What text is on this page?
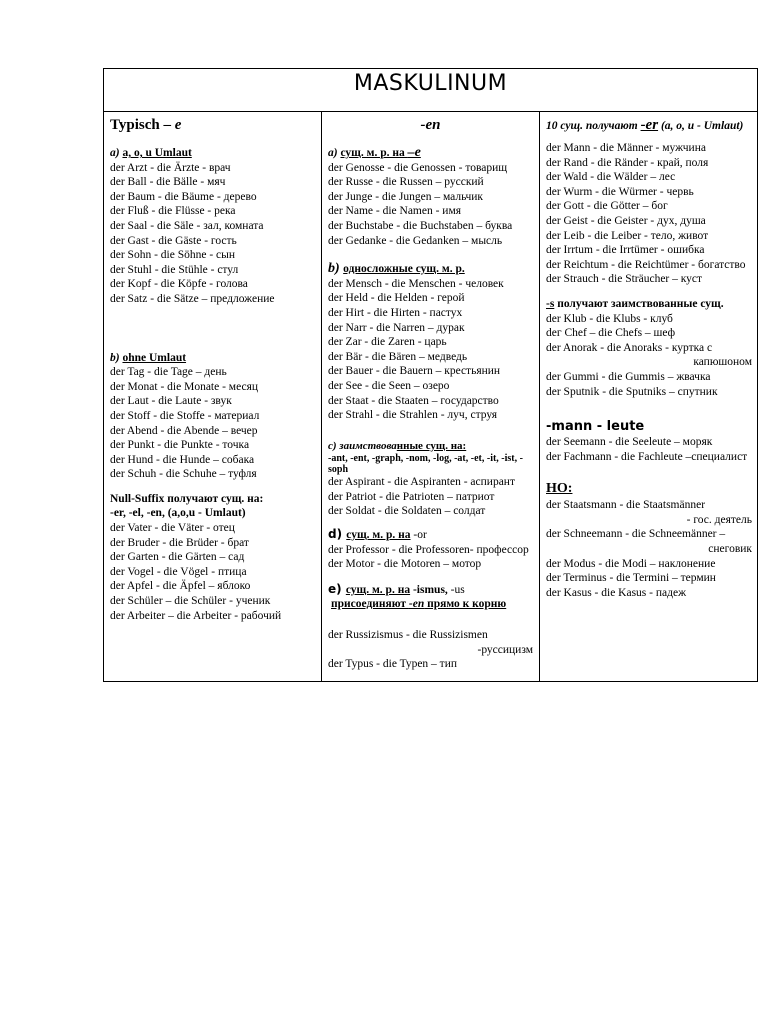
MASKULINUM
Typisch – e
a) a, o, u Umlaut
der Arzt - die Ärzte - врач
der Ball - die Bälle - мяч
der Baum - die Bäume - дерево
der Fluß - die Flüsse - река
der Saal - die Säle - зал, комната
der Gast - die Gäste - гость
der Sohn - die Söhne - сын
der Stuhl - die Stühle - стул
der Kopf - die Köpfe - голова
der Satz - die Sätze – предложение
b) ohne Umlaut
der Tag - die Tage – день
der Monat - die Monate - месяц
der Laut - die Laute - звук
der Stoff - die Stoffe - материал
der Abend - die Abende – вечер
der Punkt - die Punkte - точка
der Hund - die Hunde – собака
der Schuh - die Schuhe – туфля
Null-Suffix получают сущ. на:
-er, -el, -en, (a,o,u - Umlaut)
der Vater - die Väter - отец
der Bruder - die Brüder - брат
der Garten - die Gärten – сад
der Vogel - die Vögel - птица
der Apfel - die Äpfel – яблоко
der Schüler – die Schüler - ученик
der Arbeiter – die Arbeiter - рабочий
-en
a) сущ. м. р. на –e
der Genosse - die Genossen - товарищ
der Russe - die Russen – русский
der Junge - die Jungen – мальчик
der Name - die Namen - имя
der Buchstabe - die Buchstaben – буква
der Gedanke - die Gedanken – мысль
b) односложные сущ. м. р.
der Mensch - die Menschen - человек
der Held - die Helden - герой
der Hirt - die Hirten - пастух
der Narr - die Narren – дурак
der Zar - die Zaren - царь
der Bär - die Bären – медведь
der Bauer - die Bauern – крестьянин
der See - die Seen – озеро
der Staat - die Staaten – государство
der Strahl - die Strahlen - луч, струя
c) заимствованные сущ. на:
-ant, -ent, -graph, -nom, -log, -at, -et, -it, -ist, -soph
der Aspirant - die Aspiranten - аспирант
der Patriot - die Patrioten – патриот
der Soldat - die Soldaten – солдат
d) сущ. м. р. на -or
der Professor - die Professoren- профессор
der Motor - die Motoren – мотор
e) сущ. м. р. на -ismus, -us
присоединяют -en прямо к корню
der Russizismus - die Russizismen
-руссицизм
der Typus - die Typen – тип
10 сущ. получают -er (a, o, u - Umlaut)
der Mann - die Männer - мужчина
der Rand - die Ränder - край, поля
der Wald - die Wälder – лес
der Wurm - die Würmer - червь
der Gott - die Götter – бог
der Geist - die Geister - дух, душа
der Leib - die Leiber - тело, живот
der Irrtum - die Irrtümer - ошибка
der Reichtum - die Reichtümer - богатство
der Strauch - die Sträucher – куст
-s получают заимствованные сущ.
der Klub - die Klubs - клуб
dег Chef – die Chefs – шеф
der Anorak - die Anoraks - куртка с
капюшоном
der Gummi - die Gummis – жвачка
der Sputnik - die Sputniks – спутник
-mann - leute
der Seemann - die Seeleute – моряк
der Fachmann - die Fachleute –специалист
НО:
der Staatsmann - die Staatsmänner
- гос. деятель
der Schneemann - die Schneemänner –
снеговик
der Modus - die Modi – наклонение
der Terminus - die Termini – термин
der Kasus - die Kasus - падеж
